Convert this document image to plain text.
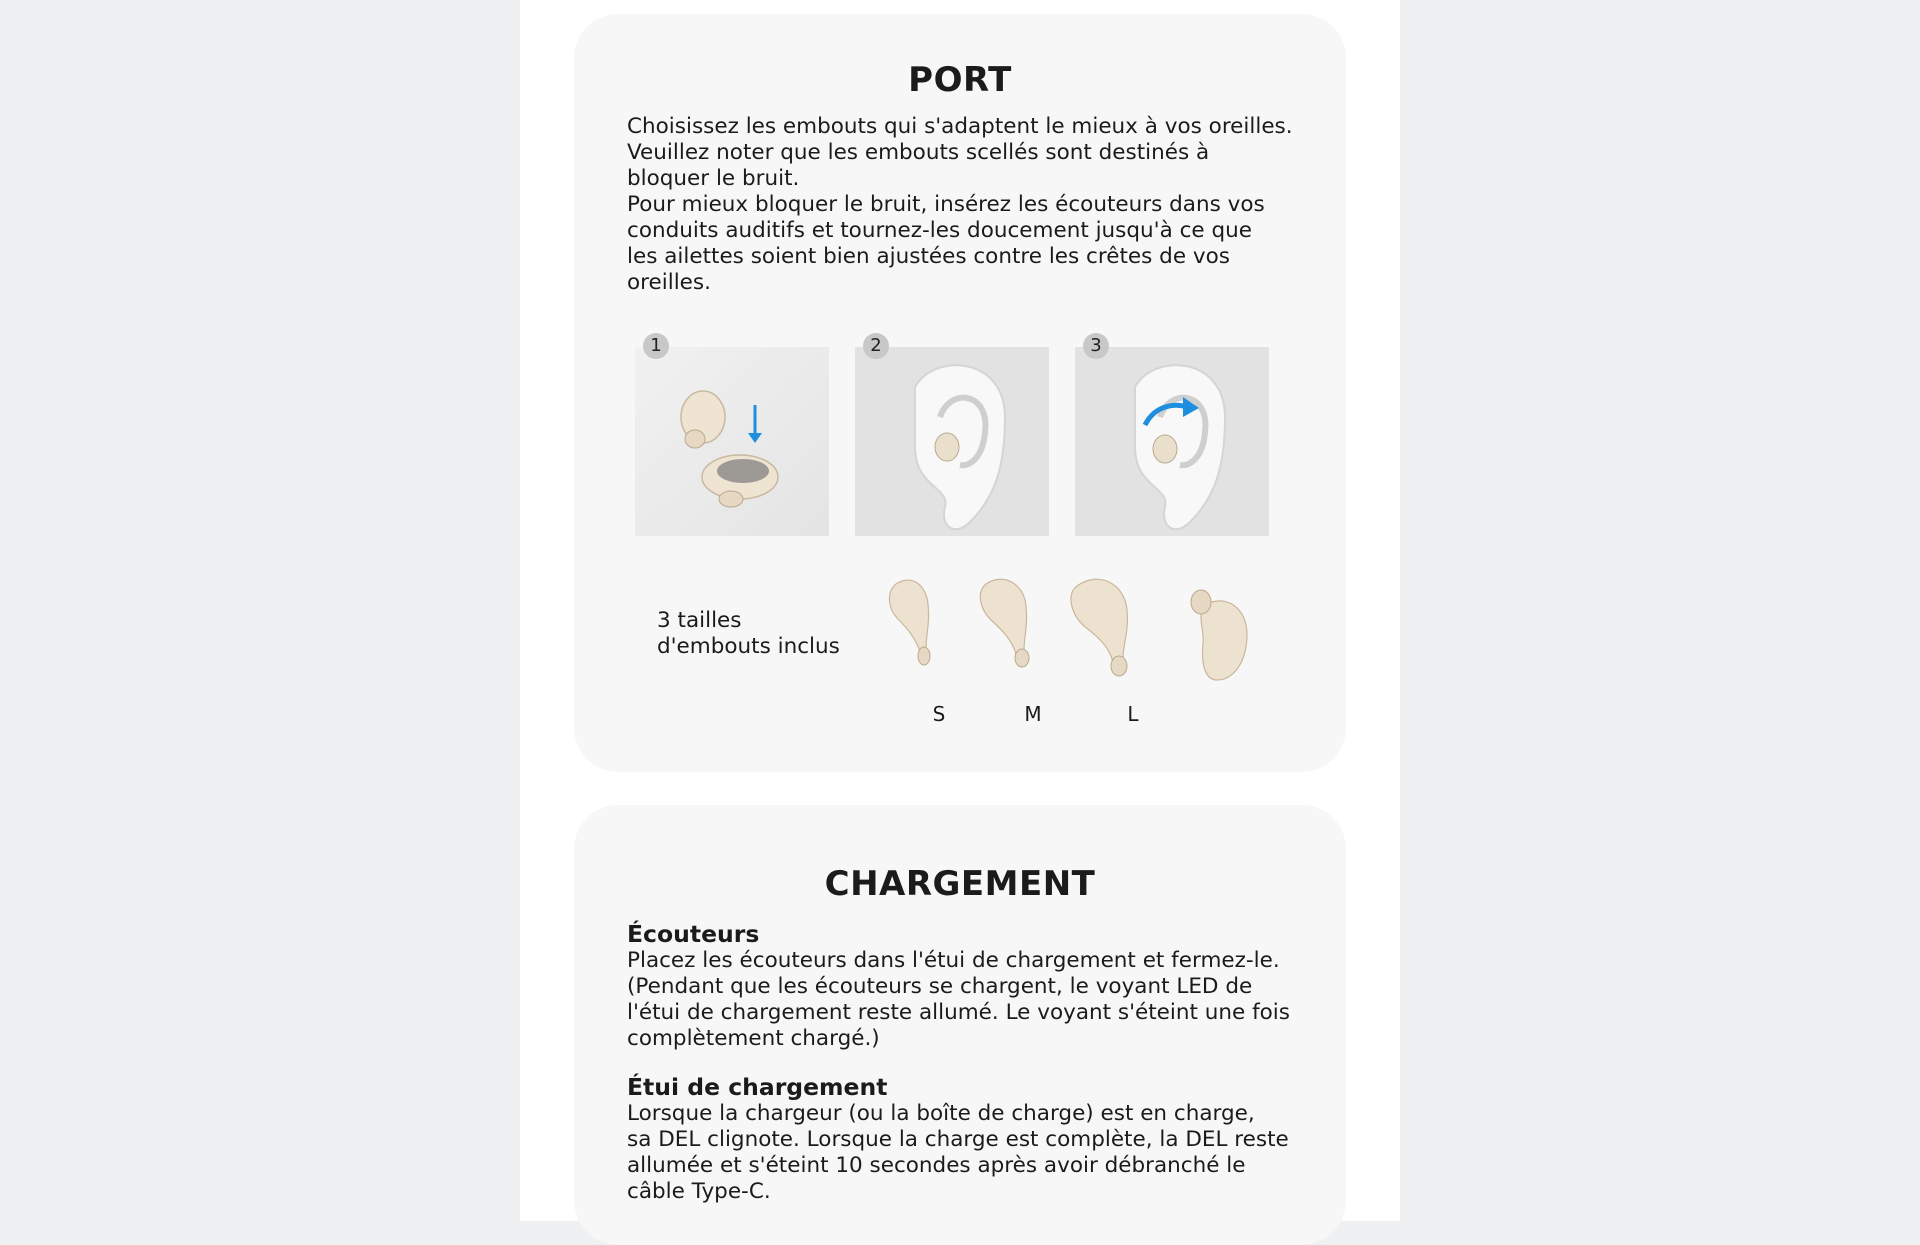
PORT

Choisissez les embouts qui s'adaptent le mieux à vos oreilles.
Veuillez noter que les embouts scellés sont destinés à
bloquer le bruit.
Pour mieux bloquer le bruit, insérez les écouteurs dans vos
conduits auditifs et tournez-les doucement jusqu'à ce que
les ailettes soient bien ajustées contre les crêtes de vos
oreilles.

1	2	3

3 tailles
d'embouts inclus

S	M	L
CHARGEMENT
Écouteurs

Placez les écouteurs dans l'étui de chargement et fermez-le.
(Pendant que les écouteurs se chargent, le voyant LED de
l'étui de chargement reste allumé. Le voyant s'éteint une fois
complètement chargé.)

Étui de chargement

Lorsque la chargeur (ou la boîte de charge) est en charge,
sa DEL clignote. Lorsque la charge est complète, la DEL reste
allumée et s'éteint 10 secondes après avoir débranché le
câble Type-C.
